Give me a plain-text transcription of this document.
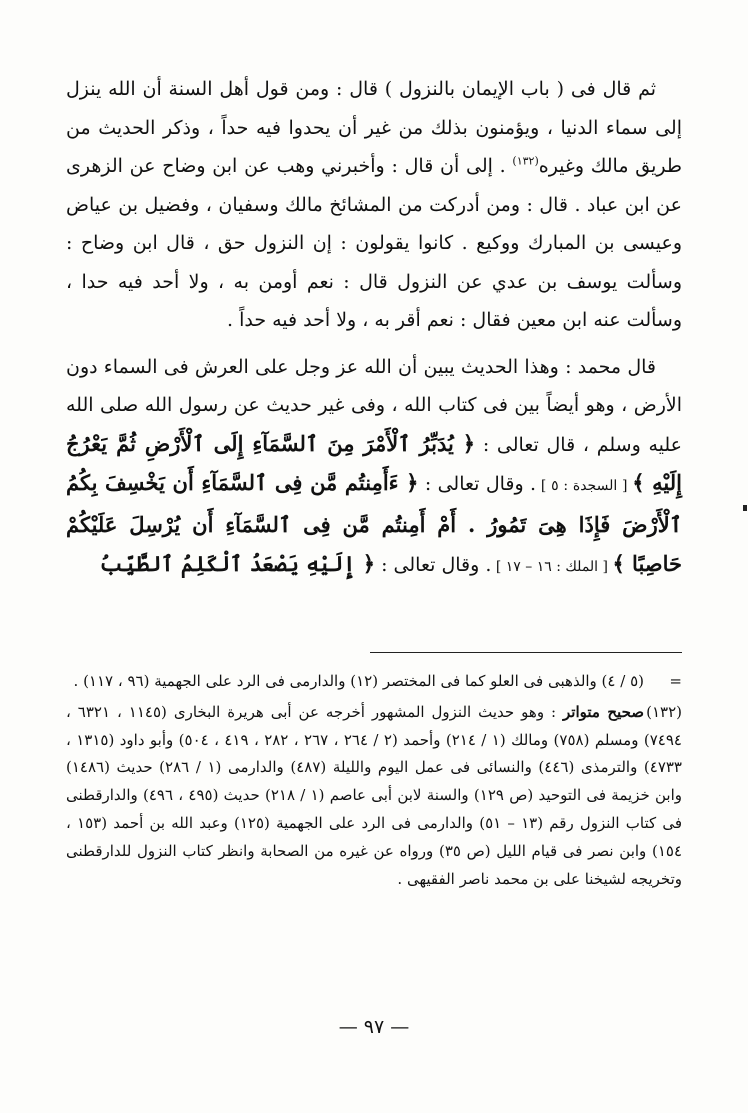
ثم قال فى ( باب الإيمان بالنزول ) قال : ومن قول أهل السنة أن الله ينزل إلى سماء الدنيا ، ويؤمنون بذلك من غير أن يحدوا فيه حداً ، وذكر الحديث من طريق مالك وغيره$^{(١٣٢)}$ . إلى أن قال : وأخبرني وهب عن ابن وضاح عن الزهرى عن ابن عباد . قال : ومن أدركت من المشائخ مالك وسفيان ، وفضيل بن عياض وعيسى بن المبارك ووكيع . كانوا يقولون : إن النزول حق ، قال ابن وضاح : وسألت يوسف بن عدي عن النزول قال : نعم أومن به ، ولا أحد فيه حدا ، وسألت عنه ابن معين فقال : نعم أقر به ، ولا أحد فيه حداً .

قال محمد : وهذا الحديث يبين أن الله عز وجل على العرش فى السماء دون الأرض ، وهو أيضاً بين فى كتاب الله ، وفى غير حديث عن رسول الله صلى الله عليه وسلم ، قال تعالى : ﴿ يُدَبِّرُ ٱلْأَمْرَ مِنَ ٱلسَّمَآءِ إِلَى ٱلْأَرْضِ ثُمَّ يَعْرُجُ إِلَيْهِ ﴾ [ السجدة : ٥ ] . وقال تعالى : ﴿ ءَأَمِنتُم مَّن فِى ٱلسَّمَآءِ أَن يَخْسِفَ بِكُمُ ٱلْأَرْضَ فَإِذَا هِىَ تَمُورُ . أَمْ أَمِنتُم مَّن فِى ٱلسَّمَآءِ أَن يُرْسِلَ عَلَيْكُمْ حَاصِبًا ﴾ [ الملك : ١٦ – ١٧ ] . وقال تعالى : ﴿ إِلَيْهِ يَصْعَدُ ٱلْكَلِمُ ٱلطَّيِّبُ

=(٥ / ٤) والذهبى فى العلو كما فى المختصر (١٢) والدارمى فى الرد على الجهمية (٩٦ ، ١١٧) .

(١٣٢)صحيح متواتر : وهو حديث النزول المشهور أخرجه عن أبى هريرة البخارى (١١٤٥ ، ٦٣٢١ ، ٧٤٩٤) ومسلم (٧٥٨) ومالك (١ / ٢١٤) وأحمد (٢ / ٢٦٤ ، ٢٦٧ ، ٢٨٢ ، ٤١٩ ، ٥٠٤) وأبو داود (١٣١٥ ، ٤٧٣٣) والترمذى (٤٤٦) والنسائى فى عمل اليوم والليلة (٤٨٧) والدارمى (١ / ٢٨٦) حديث (١٤٨٦) وابن خزيمة فى التوحيد (ص ١٢٩) والسنة لابن أبى عاصم (١ / ٢١٨) حديث (٤٩٥ ، ٤٩٦) والدارقطنى فى كتاب النزول رقم (١٣ – ٥١) والدارمى فى الرد على الجهمية (١٢٥) وعبد الله بن أحمد (١٥٣ ، ١٥٤) وابن نصر فى قيام الليل (ص ٣٥) ورواه عن غيره من الصحابة وانظر كتاب النزول للدارقطنى وتخريجه لشيخنا على بن محمد ناصر الفقيهى .

— ٩٧ —
